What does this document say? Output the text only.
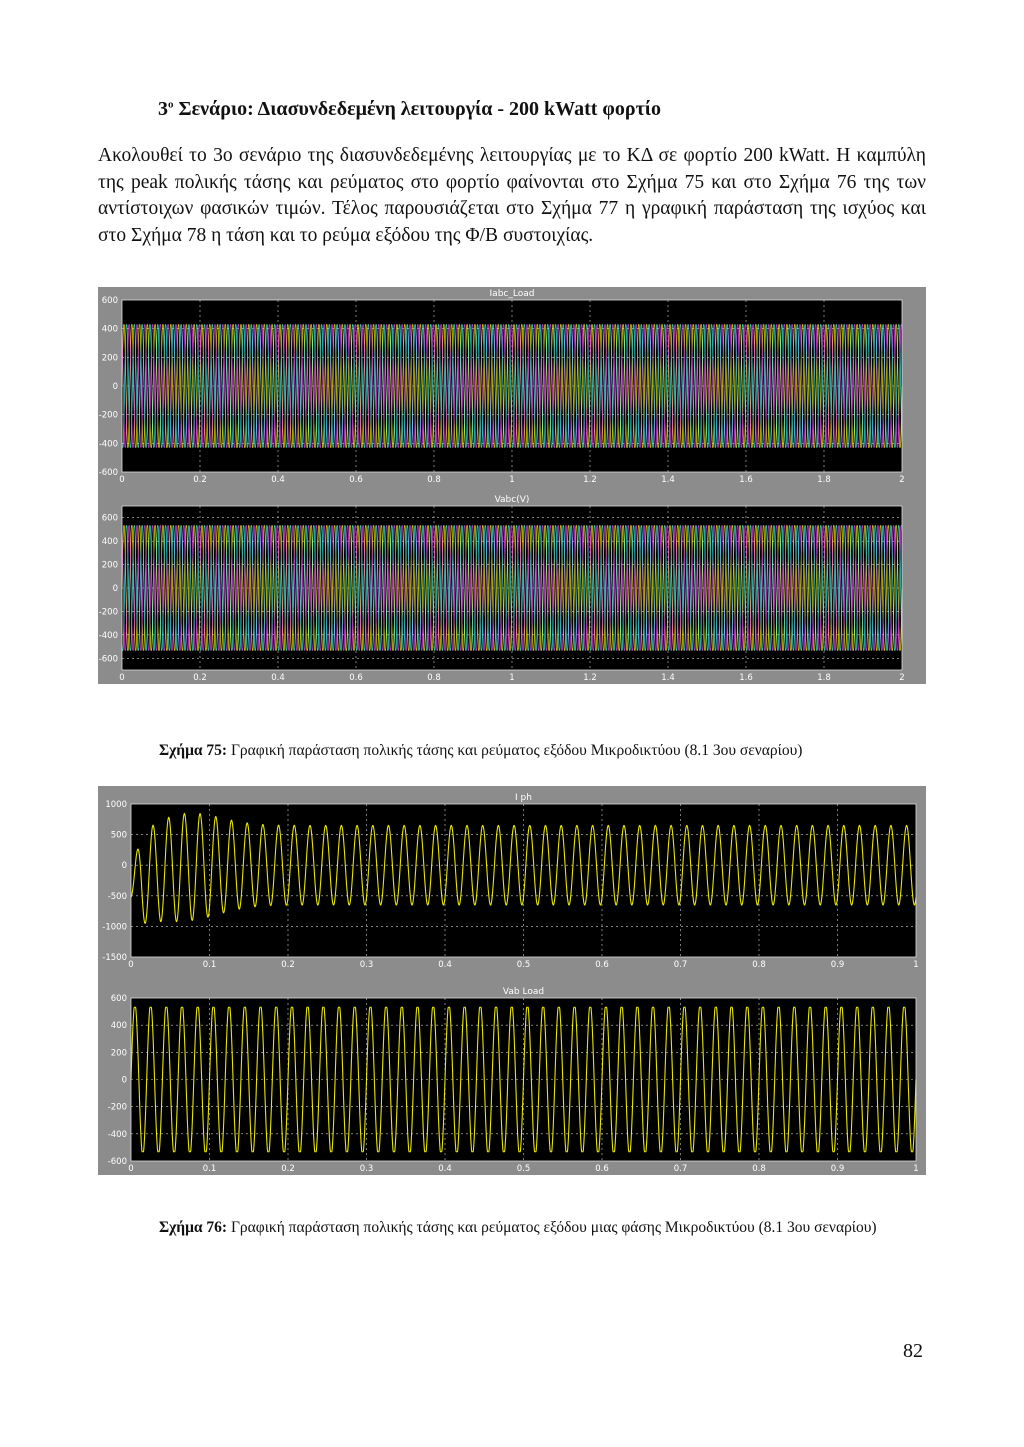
3$^o$ Σενάριο: Διασυνδεδεμένη λειτουργία - 200 kWatt φορτίο
Ακολουθεί το 3ο σενάριο της διασυνδεδεμένης λειτουργίας με το ΚΔ σε φορτίο 200 kWatt. Η καμπύλη της peak πολικής τάσης και ρεύματος στο φορτίο φαίνονται στο Σχήμα 75 και στο Σχήμα 76 της των αντίστοιχων φασικών τιμών. Τέλος παρουσιάζεται στο Σχήμα 77 η γραφική παράσταση της ισχύος και στο Σχήμα 78 η τάση και το ρεύμα εξόδου της Φ/Β συστοιχίας.
Iabc_Load
0	0.2	0.4	0.6	0.8	1	1.2	1.4	1.6	1.8	2
600
400
200
0
-200
-400
-600
Vabc(V)
0	0.2	0.4	0.6	0.8	1	1.2	1.4	1.6	1.8	2
600
400
200
0
-200
-400
-600
Σχήμα 75: Γραφική παράσταση πολικής τάσης και ρεύματος εξόδου Μικροδικτύου (8.1 3ου σεναρίου)
I ph
0	0.1	0.2	0.3	0.4	0.5	0.6	0.7	0.8	0.9	1
1000
500
0
-500
-1000
-1500
Vab Load
0	0.1	0.2	0.3	0.4	0.5	0.6	0.7	0.8	0.9	1
600
400
200
0
-200
-400
-600
Σχήμα 76: Γραφική παράσταση πολικής τάσης και ρεύματος εξόδου μιας φάσης Μικροδικτύου (8.1 3ου σεναρίου)
82
